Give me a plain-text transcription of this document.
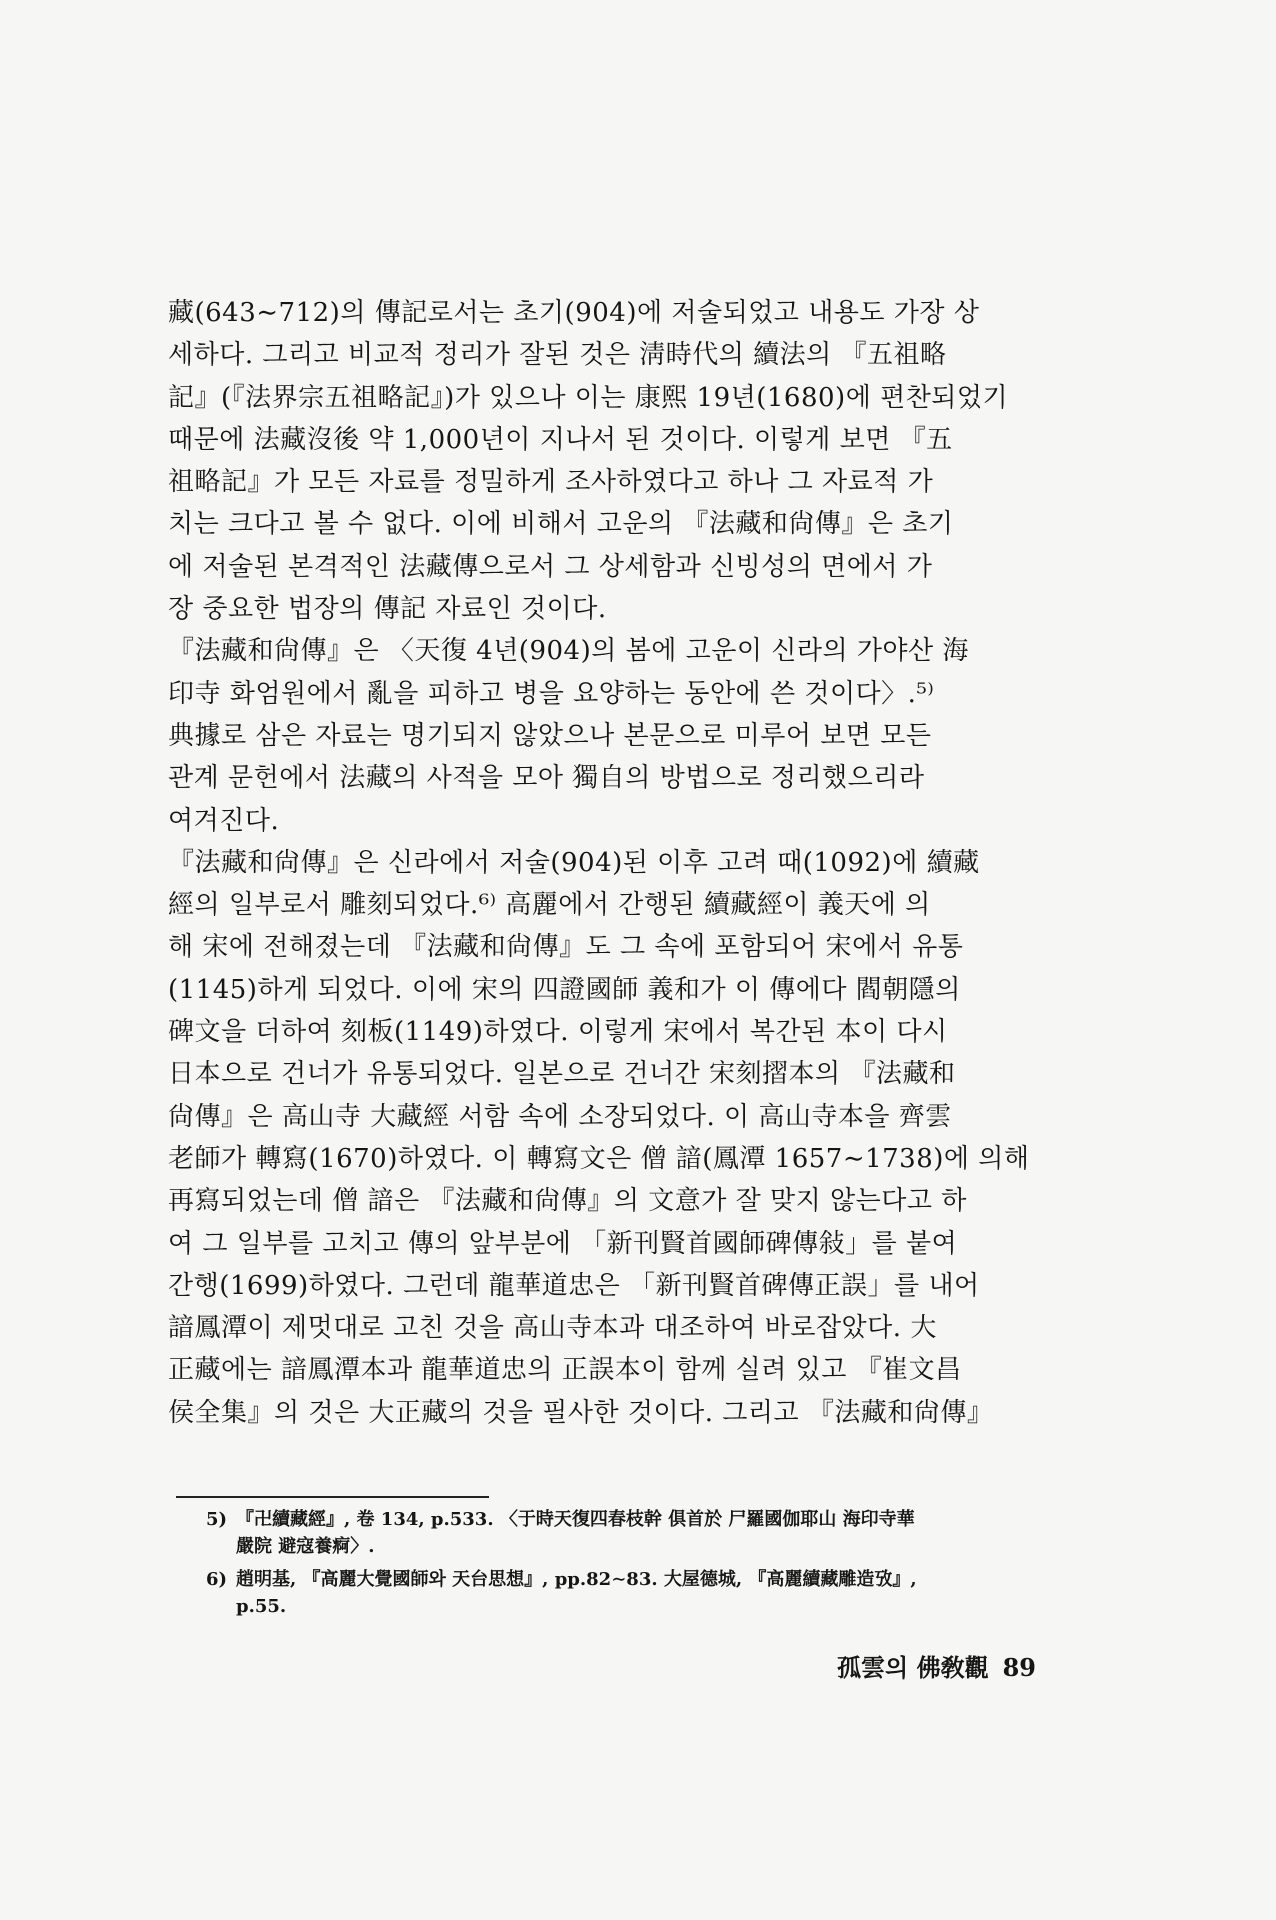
藏(643∼712)의 傳記로서는 초기(904)에 저술되었고 내용도 가장 상
세하다. 그리고 비교적 정리가 잘된 것은 淸時代의 續法의 『五祖略
記』(『法界宗五祖略記』)가 있으나 이는 康熙 19년(1680)에 편찬되었기
때문에 法藏沒後 약 1,000년이 지나서 된 것이다. 이렇게 보면 『五
祖略記』가 모든 자료를 정밀하게 조사하였다고 하나 그 자료적 가
치는 크다고 볼 수 없다. 이에 비해서 고운의 『法藏和尙傳』은 초기
에 저술된 본격적인 法藏傳으로서 그 상세함과 신빙성의 면에서 가
장 중요한 법장의 傳記 자료인 것이다.
『法藏和尙傳』은 〈天復 4년(904)의 봄에 고운이 신라의 가야산 海
印寺 화엄원에서 亂을 피하고 병을 요양하는 동안에 쓴 것이다〉.⁵⁾
典據로 삼은 자료는 명기되지 않았으나 본문으로 미루어 보면 모든
관계 문헌에서 法藏의 사적을 모아 獨自의 방법으로 정리했으리라
여겨진다.
『法藏和尙傳』은 신라에서 저술(904)된 이후 고려 때(1092)에 續藏
經의 일부로서 雕刻되었다.⁶⁾ 高麗에서 간행된 續藏經이 義天에 의
해 宋에 전해졌는데 『法藏和尙傳』도 그 속에 포함되어 宋에서 유통
(1145)하게 되었다. 이에 宋의 四證國師 義和가 이 傳에다 閻朝隱의
碑文을 더하여 刻板(1149)하였다. 이렇게 宋에서 복간된 本이 다시
日本으로 건너가 유통되었다. 일본으로 건너간 宋刻摺本의 『法藏和
尙傳』은 高山寺 大藏經 서함 속에 소장되었다. 이 高山寺本을 齊雲
老師가 轉寫(1670)하였다. 이 轉寫文은 僧 諳(鳳潭 1657∼1738)에 의해
再寫되었는데 僧 諳은 『法藏和尙傳』의 文意가 잘 맞지 않는다고 하
여 그 일부를 고치고 傳의 앞부분에 「新刊賢首國師碑傳敍」를 붙여
간행(1699)하였다. 그런데 龍華道忠은 「新刊賢首碑傳正誤」를 내어
諳鳳潭이 제멋대로 고친 것을 高山寺本과 대조하여 바로잡았다. 大
正藏에는 諳鳳潭本과 龍華道忠의 正誤本이 함께 실려 있고 『崔文昌
侯全集』의 것은 大正藏의 것을 필사한 것이다. 그리고 『法藏和尙傳』
5) 『卍續藏經』, 卷 134, p.533. 〈于時天復四春枝幹 俱首於 尸羅國伽耶山 海印寺華
嚴院 避寇養痾〉.
6) 趙明基, 『高麗大覺國師와 天台思想』, pp.82∼83. 大屋德城, 『高麗續藏雕造攷』,
p.55.
孤雲의 佛敎觀 89
